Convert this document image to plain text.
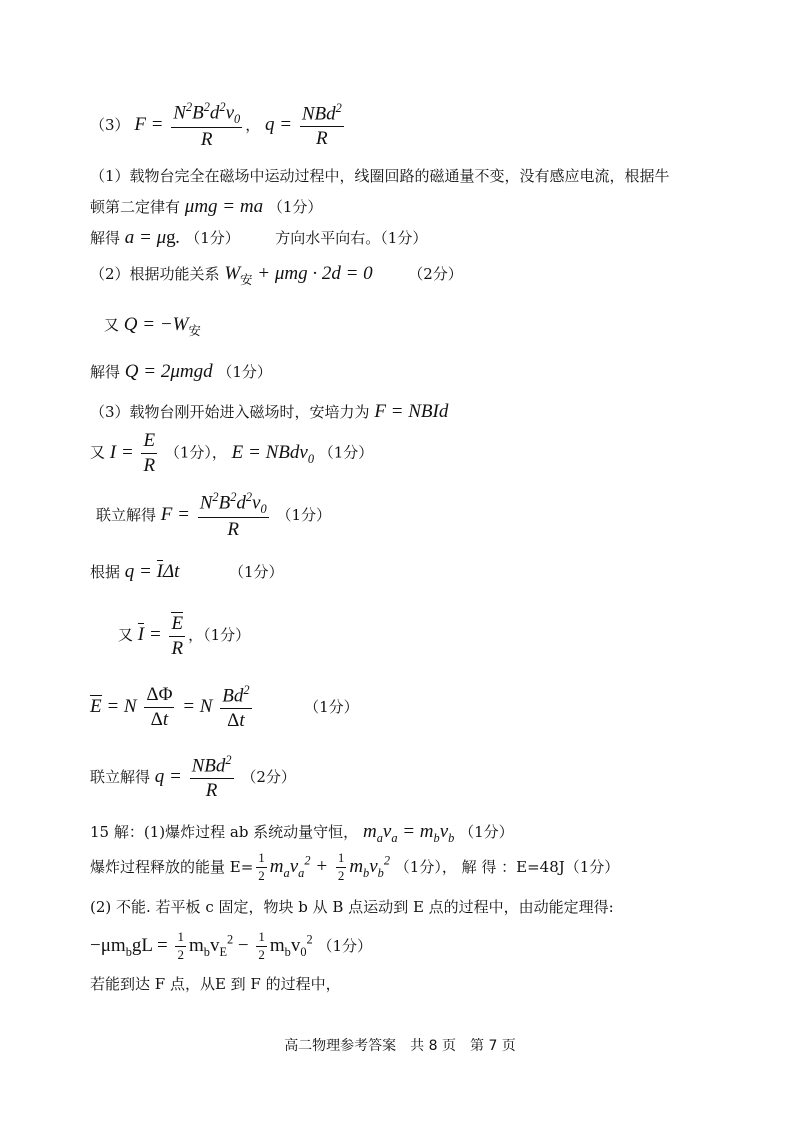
（3） $F = \frac{N^2B^2d^2v_0}{R}$ ， $q = \frac{NBd^2}{R}$
（1）载物台完全在磁场中运动过程中，线圈回路的磁通量不变，没有感应电流，根据牛
顿第二定律有 μmg = ma （1分）
解得 a = μg. （1分） 方向水平向右。（1分）
（2）根据功能关系 $W_安 + \mu mg \cdot 2d = 0$ （2分）
又 $Q = -W_安$
解得 Q = 2μmgd （1分）
（3）载物台刚开始进入磁场时，安培力为 F = NBId
又 $I = \frac{E}{R} (1$分）， E = NBdv$_0$ （1分）
联立解得 $F = \frac{N^2B^2d^2v_0}{R} (1$分）
根据 q = IΔt	（1分）
又 $I = \frac{E}{R}$ ，（1分）
E = N $\frac{\Delta\Phi}{\Delta t} = N \frac{Bd^2}{\Delta t}$	（1分）
联立解得 $q = \frac{NBd^2}{R} (2$分）
15 解：(1)爆炸过程 ab 系统动量守恒， $m_av_a = m_bv_b$ （1分）
爆炸过程释放的能量 $E= \frac{1}{2} m_av_a^2 + \frac{1}{2} m_bv_b^2$ （1分）， 解 得 ：E=48J（1分）
(2) 不能. 若平板 c 固定，物块 b 从 B 点运动到 E 点的过程中，由动能定理得:
$-\mu m_bgL = \frac{1}{2} m_bv_E^2 - \frac{1}{2} m_bv_0^2$ （1分）
若能到达 F 点，从E 到 F 的过程中，
高二物理参考答案　共 8 页　第 7 页
